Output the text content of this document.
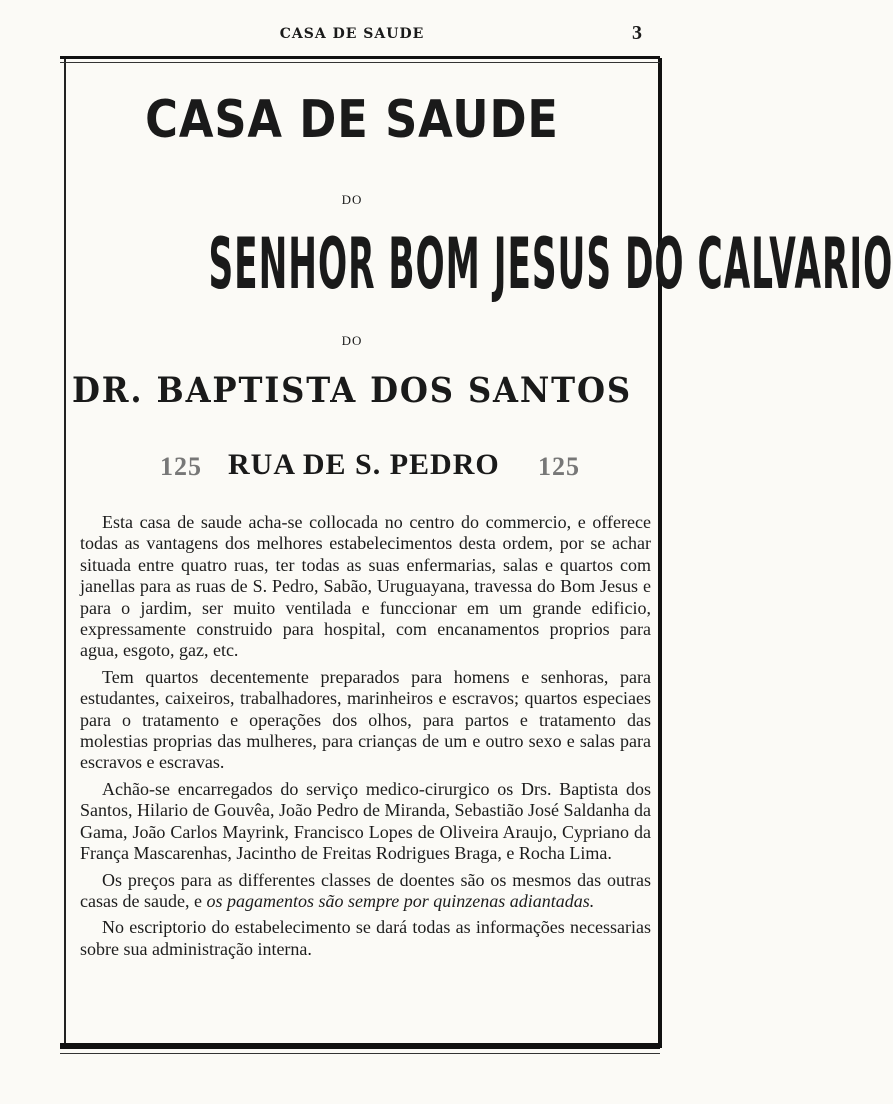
CASA DE SAUDE	3
CASA DE SAUDE
DO
SENHOR BOM JESUS DO CALVARIO
DO
DR. BAPTISTA DOS SANTOS
125 RUA DE S. PEDRO 125

Esta casa de saude acha-se collocada no centro do commercio, e offerece todas as vantagens dos melhores estabelecimentos desta ordem, por se achar situada entre quatro ruas, ter todas as suas enfermarias, salas e quartos com janellas para as ruas de S. Pedro, Sabão, Uruguayana, travessa do Bom Jesus e para o jardim, ser muito ventilada e funccionar em um grande edificio, expressamente construido para hospital, com encanamentos proprios para agua, esgoto, gaz, etc.

Tem quartos decentemente preparados para homens e senhoras, para estudantes, caixeiros, trabalhadores, marinheiros e escravos; quartos especiaes para o tratamento e operações dos olhos, para partos e tratamento das molestias proprias das mulheres, para crianças de um e outro sexo e salas para escravos e escravas.

Achão-se encarregados do serviço medico-cirurgico os Drs. Baptista dos Santos, Hilario de Gouvêa, João Pedro de Miranda, Sebastião José Saldanha da Gama, João Carlos Mayrink, Francisco Lopes de Oliveira Araujo, Cypriano da França Mascarenhas, Jacintho de Freitas Rodrigues Braga, e Rocha Lima.

Os preços para as differentes classes de doentes são os mesmos das outras casas de saude, e os pagamentos são sempre por quinzenas adiantadas.

No escriptorio do estabelecimento se dará todas as informações necessarias sobre sua administração interna.
